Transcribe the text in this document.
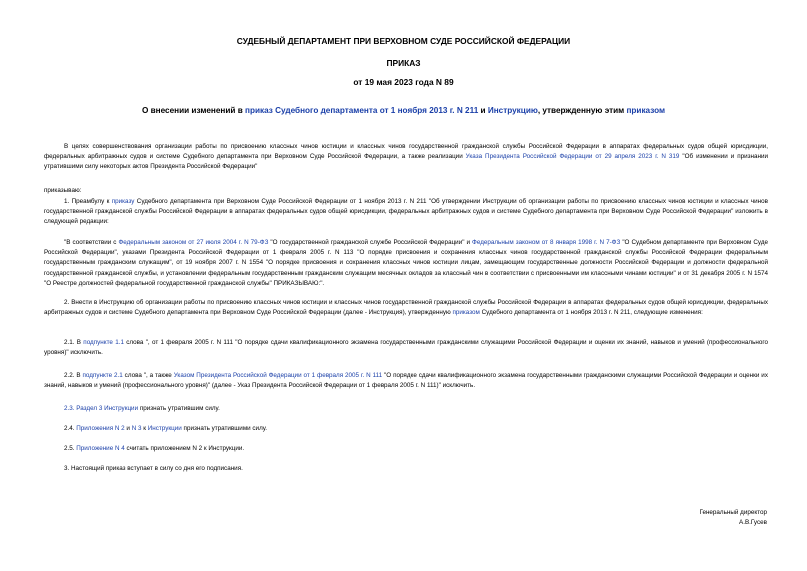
СУДЕБНЫЙ ДЕПАРТАМЕНТ ПРИ ВЕРХОВНОМ СУДЕ РОССИЙСКОЙ ФЕДЕРАЦИИ
ПРИКАЗ
от 19 мая 2023 года N 89
О внесении изменений в приказ Судебного департамента от 1 ноября 2013 г. N 211 и Инструкцию, утвержденную этим приказом
В целях совершенствования организации работы по присвоению классных чинов юстиции и классных чинов государственной гражданской службы Российской Федерации в аппаратах федеральных судов общей юрисдикции, федеральных арбитражных судов и системе Судебного департамента при Верховном Суде Российской Федерации, а также реализации Указа Президента Российской Федерации от 29 апреля 2023 г. N 319 "Об изменении и признании утратившими силу некоторых актов Президента Российской Федерации"
приказываю:
1. Преамбулу к приказу Судебного департамента при Верховном Суде Российской Федерации от 1 ноября 2013 г. N 211 "Об утверждении Инструкции об организации работы по присвоению классных чинов юстиции и классных чинов государственной гражданской службы Российской Федерации в аппаратах федеральных судов общей юрисдикции, федеральных арбитражных судов и системе Судебного департамента при Верховном Суде Российской Федерации" изложить в следующей редакции:
"В соответствии с Федеральным законом от 27 июля 2004 г. N 79-ФЗ "О государственной гражданской службе Российской Федерации" и Федеральным законом от 8 января 1998 г. N 7-ФЗ "О Судебном департаменте при Верховном Суде Российской Федерации", указами Президента Российской Федерации от 1 февраля 2005 г. N 113 "О порядке присвоения и сохранения классных чинов государственной гражданской службы Российской Федерации федеральным государственным гражданским служащим", от 19 ноября 2007 г. N 1554 "О порядке присвоения и сохранения классных чинов юстиции лицам, замещающим государственные должности Российской Федерации и должности федеральной государственной гражданской службы, и установлении федеральным государственным гражданским служащим месячных окладов за классный чин в соответствии с присвоенными им классными чинами юстиции" и от 31 декабря 2005 г. N 1574 "О Реестре должностей федеральной государственной гражданской службы" ПРИКАЗЫВАЮ:".
2. Внести в Инструкцию об организации работы по присвоению классных чинов юстиции и классных чинов государственной гражданской службы Российской Федерации в аппаратах федеральных судов общей юрисдикции, федеральных арбитражных судов и системе Судебного департамента при Верховном Суде Российской Федерации (далее - Инструкция), утвержденную приказом Судебного департамента от 1 ноября 2013 г. N 211, следующие изменения:
2.1. В подпункте 1.1 слова ", от 1 февраля 2005 г. N 111 "О порядке сдачи квалификационного экзамена государственными гражданскими служащими Российской Федерации и оценки их знаний, навыков и умений (профессионального уровня)" исключить.
2.2. В подпункте 2.1 слова ", а также Указом Президента Российской Федерации от 1 февраля 2005 г. N 111 "О порядке сдачи квалификационного экзамена государственными гражданскими служащими Российской Федерации и оценки их знаний, навыков и умений (профессионального уровня)" (далее - Указ Президента Российской Федерации от 1 февраля 2005 г. N 111)" исключить.
2.3. Раздел 3 Инструкции признать утратившим силу.
2.4. Приложения N 2 и N 3 к Инструкции признать утратившими силу.
2.5. Приложение N 4 считать приложением N 2 к Инструкции.
3. Настоящий приказ вступает в силу со дня его подписания.
Генеральный директор
А.В.Гусев
